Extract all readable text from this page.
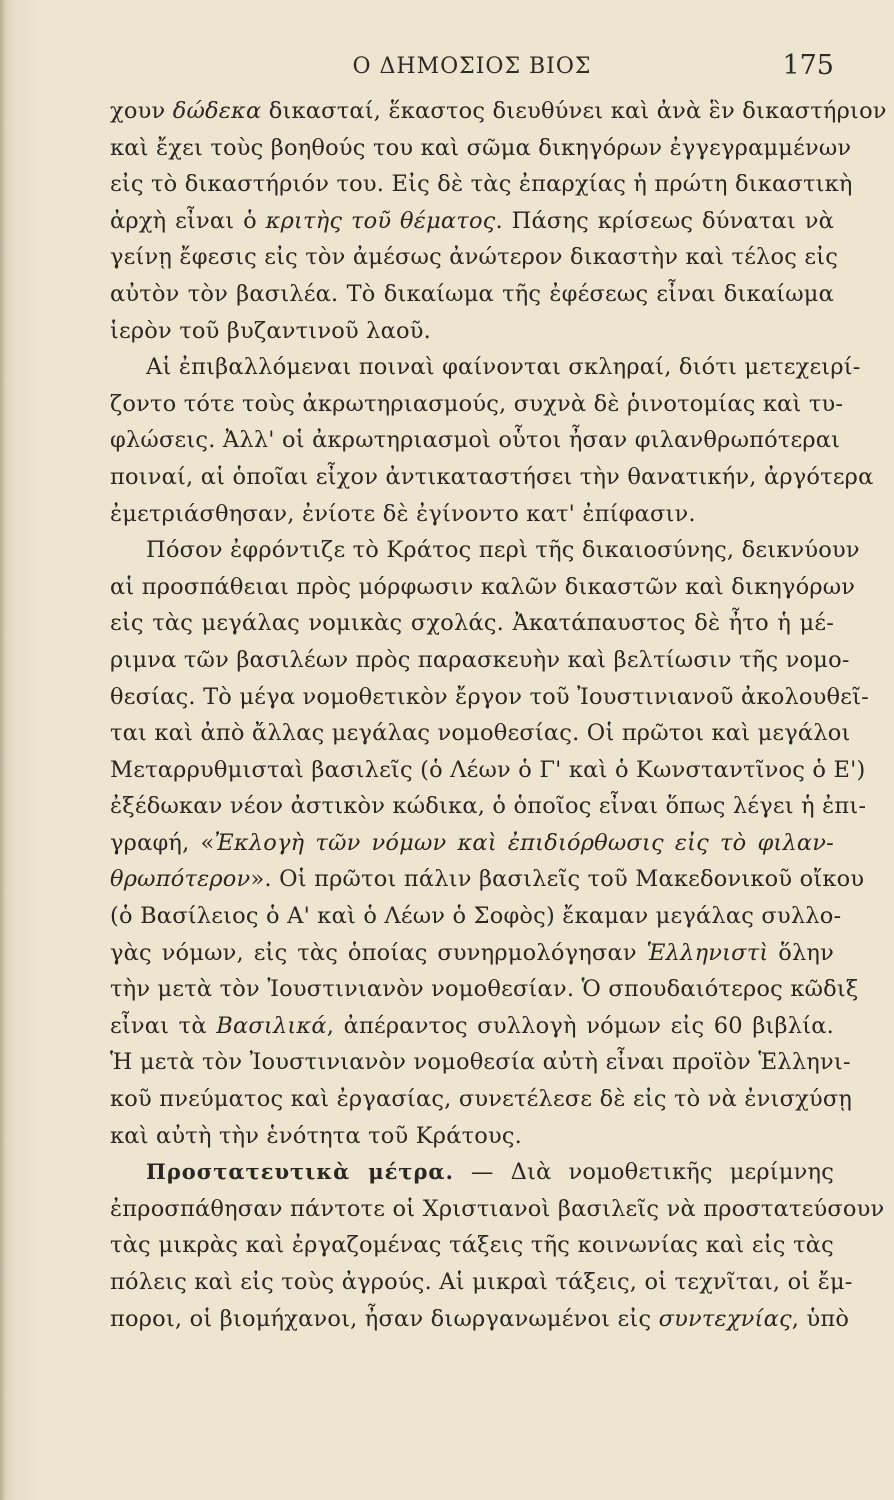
Ο ΔΗΜΟΣΙΟΣ ΒΙΟΣ	175
χουν δώδεκα δικασταί, ἕκαστος διευθύνει καὶ ἀνὰ ἓν δικαστήριον
καὶ ἔχει τοὺς βοηθούς του καὶ σῶμα δικηγόρων ἐγγεγραμμένων
εἰς τὸ δικαστήριόν του. Εἰς δὲ τὰς ἐπαρχίας ἡ πρώτη δικαστικὴ
ἀρχὴ εἶναι ὁ κριτὴς τοῦ θέματος. Πάσης κρίσεως δύναται νὰ
γείνῃ ἔφεσις εἰς τὸν ἀμέσως ἀνώτερον δικαστὴν καὶ τέλος εἰς
αὐτὸν τὸν βασιλέα. Τὸ δικαίωμα τῆς ἐφέσεως εἶναι δικαίωμα
ἱερὸν τοῦ βυζαντινοῦ λαοῦ.
Αἱ ἐπιβαλλόμεναι ποιναὶ φαίνονται σκληραί, διότι μετεχειρί-
ζοντο τότε τοὺς ἀκρωτηριασμούς, συχνὰ δὲ ῥινοτομίας καὶ τυ-
φλώσεις. Ἀλλ' οἱ ἀκρωτηριασμοὶ οὗτοι ἦσαν φιλανθρωπότεραι
ποιναί, αἱ ὁποῖαι εἶχον ἀντικαταστήσει τὴν θανατικήν, ἀργότερα
ἐμετριάσθησαν, ἐνίοτε δὲ ἐγίνοντο κατ' ἐπίφασιν.
Πόσον ἐφρόντιζε τὸ Κράτος περὶ τῆς δικαιοσύνης, δεικνύουν
αἱ προσπάθειαι πρὸς μόρφωσιν καλῶν δικαστῶν καὶ δικηγόρων
εἰς τὰς μεγάλας νομικὰς σχολάς. Ἀκατάπαυστος δὲ ἦτο ἡ μέ-
ριμνα τῶν βασιλέων πρὸς παρασκευὴν καὶ βελτίωσιν τῆς νομο-
θεσίας. Τὸ μέγα νομοθετικὸν ἔργον τοῦ Ἰουστινιανοῦ ἀκολουθεῖ-
ται καὶ ἀπὸ ἄλλας μεγάλας νομοθεσίας. Οἱ πρῶτοι καὶ μεγάλοι
Μεταρρυθμισταὶ βασιλεῖς (ὁ Λέων ὁ Γ' καὶ ὁ Κωνσταντῖνος ὁ Ε')
ἐξέδωκαν νέον ἀστικὸν κώδικα, ὁ ὁποῖος εἶναι ὅπως λέγει ἡ ἐπι-
γραφή, «Ἐκλογὴ τῶν νόμων καὶ ἐπιδιόρθωσις εἰς τὸ φιλαν-
θρωπότερον». Οἱ πρῶτοι πάλιν βασιλεῖς τοῦ Μακεδονικοῦ οἴκου
(ὁ Βασίλειος ὁ Α' καὶ ὁ Λέων ὁ Σοφὸς) ἔκαμαν μεγάλας συλλο-
γὰς νόμων, εἰς τὰς ὁποίας συνηρμολόγησαν Ἑλληνιστὶ ὅλην
τὴν μετὰ τὸν Ἰουστινιανὸν νομοθεσίαν. Ὁ σπουδαιότερος κῶδιξ
εἶναι τὰ Βασιλικά, ἀπέραντος συλλογὴ νόμων εἰς 60 βιβλία.
Ἡ μετὰ τὸν Ἰουστινιανὸν νομοθεσία αὐτὴ εἶναι προϊὸν Ἑλληνι-
κοῦ πνεύματος καὶ ἐργασίας, συνετέλεσε δὲ εἰς τὸ νὰ ἐνισχύσῃ
καὶ αὐτὴ τὴν ἑνότητα τοῦ Κράτους.
Προστατευτικὰ μέτρα. — Διὰ νομοθετικῆς μερίμνης
ἐπροσπάθησαν πάντοτε οἱ Χριστιανοὶ βασιλεῖς νὰ προστατεύσουν
τὰς μικρὰς καὶ ἐργαζομένας τάξεις τῆς κοινωνίας καὶ εἰς τὰς
πόλεις καὶ εἰς τοὺς ἀγρούς. Αἱ μικραὶ τάξεις, οἱ τεχνῖται, οἱ ἔμ-
ποροι, οἱ βιομήχανοι, ἦσαν διωργανωμένοι εἰς συντεχνίας, ὑπὸ
